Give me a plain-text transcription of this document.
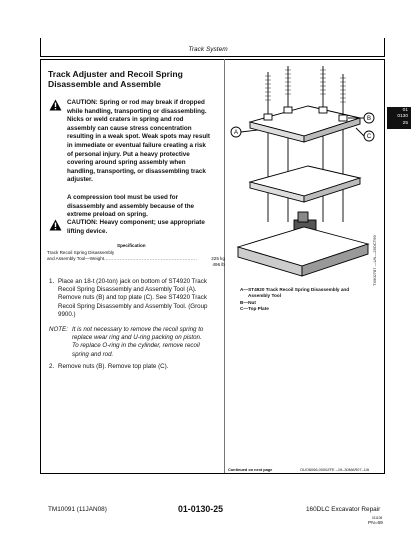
Track System
01
0130
25
Track Adjuster and Recoil Spring
Disassemble and Assemble
CAUTION: Spring or rod may break if dropped
while handling, transporting or disassembling.
Nicks or weld craters in spring and rod
assembly can cause stress concentration
resulting in a weak spot. Weak spots may result
in immediate or eventual failure creating a risk
of personal injury. Put a heavy protective
covering around spring assembly when
handling, transporting, or disassembling track
adjuster.
A compression tool must be used for
disassembly and assembly because of the
extreme preload on spring.
CAUTION: Heavy component; use appropriate
lifting device.
Specification
Track Recoil Spring Disassembly
and Assembly Tool—Weight...........................................................	225 kg
496 lb
1. Place an 18-t (20-ton) jack on bottom of ST4920 Track
Recoil Spring Disassembly and Assembly Tool (A).
Remove nuts (B) and top plate (C). See ST4920 Track
Recoil Spring Disassembly and Assembly Tool. (Group
9900.)
NOTE: It is not necessary to remove the recoil spring to
replace wear ring and U-ring packing on piston.
To replace O-ring in the cylinder, remove recoil
spring and rod.
2. Remove nuts (B). Remove top plate (C).
A
B
C
TX902787 —UN—25OCT99
A—ST4920 Track Recoil Spring Disassembly and
Assembly Tool
B—Nut
C—Top Plate
Continued on next page	OUO6066,0000ZFE –19–30MAR07–1/6
TM10091 (11JAN08)	01-0130-25	160DLC Excavator Repair
011108
PN=69
